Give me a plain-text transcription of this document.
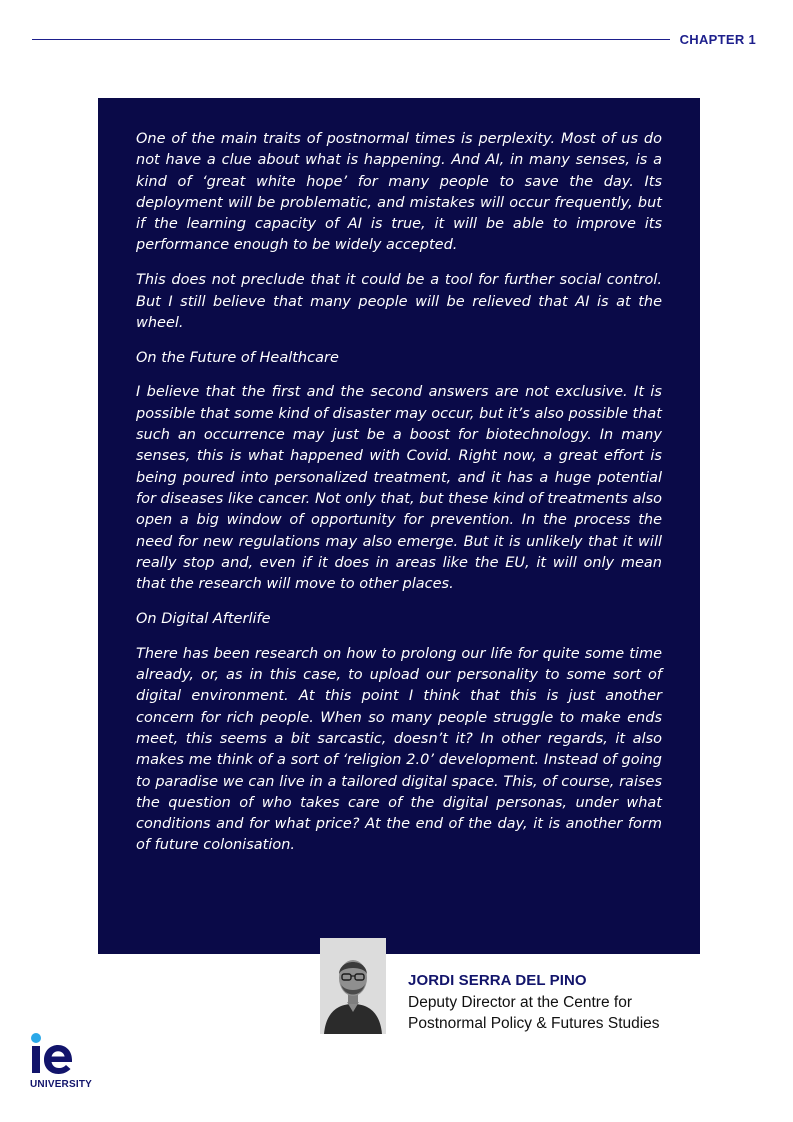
CHAPTER 1

One of the main traits of postnormal times is perplexity. Most of us do not have a clue about what is happening. And AI, in many senses, is a kind of ‘great white hope’ for many people to save the day. Its deployment will be problematic, and mistakes will occur frequently, but if the learning capacity of AI is true, it will be able to improve its performance enough to be widely accepted.

This does not preclude that it could be a tool for further social control. But I still believe that many people will be relieved that AI is at the wheel.

On the Future of Healthcare

I believe that the first and the second answers are not exclusive. It is possible that some kind of disaster may occur, but it’s also possible that such an occurrence may just be a boost for biotechnology. In many senses, this is what happened with Covid. Right now, a great effort is being poured into personalized treatment, and it has a huge potential for diseases like cancer. Not only that, but these kind of treatments also open a big window of opportunity for prevention. In the process the need for new regulations may also emerge. But it is unlikely that it will really stop and, even if it does in areas like the EU, it will only mean that the research will move to other places.

On Digital Afterlife

There has been research on how to prolong our life for quite some time already, or, as in this case, to upload our personality to some sort of digital environment. At this point I think that this is just another concern for rich people. When so many people struggle to make ends meet, this seems a bit sarcastic, doesn’t it? In other regards, it also makes me think of a sort of ‘religion 2.0’ development. Instead of going to paradise we can live in a tailored digital space. This, of course, raises the question of who takes care of the digital personas, under what conditions and for what price? At the end of the day, it is another form of future colonisation.

JORDI SERRA DEL PINO
Deputy Director at the Centre for
Postnormal Policy & Futures Studies
UNIVERSITY
